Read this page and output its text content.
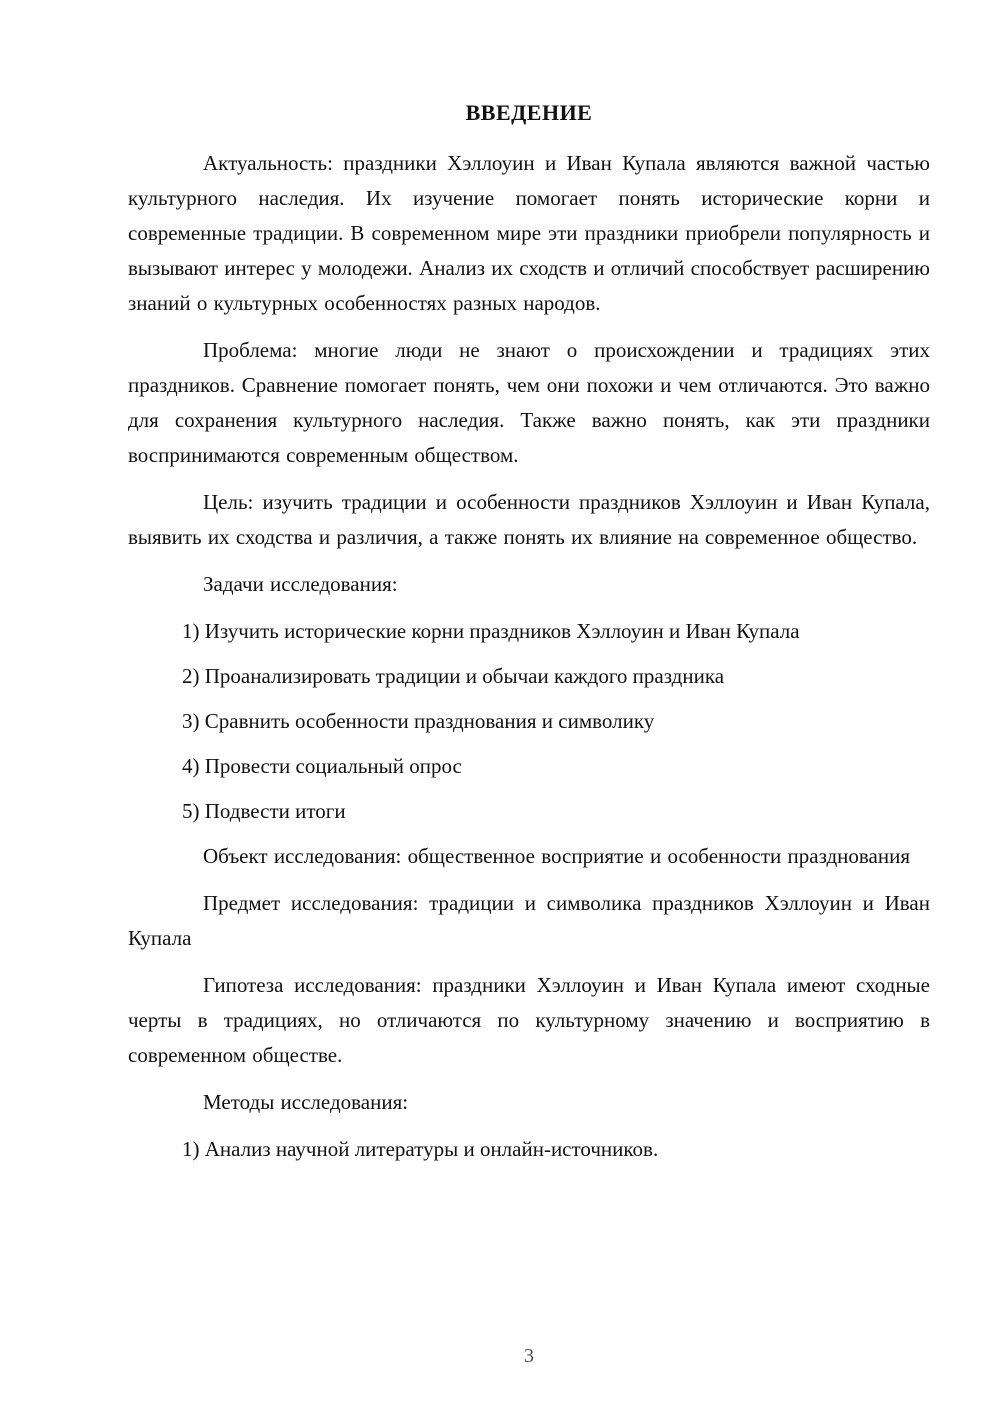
ВВЕДЕНИЕ

Актуальность: праздники Хэллоуин и Иван Купала являются важной частью культурного наследия. Их изучение помогает понять исторические корни и современные традиции. В современном мире эти праздники приобрели популярность и вызывают интерес у молодежи. Анализ их сходств и отличий способствует расширению знаний о культурных особенностях разных народов.

Проблема: многие люди не знают о происхождении и традициях этих праздников. Сравнение помогает понять, чем они похожи и чем отличаются. Это важно для сохранения культурного наследия. Также важно понять, как эти праздники воспринимаются современным обществом.

Цель: изучить традиции и особенности праздников Хэллоуин и Иван Купала, выявить их сходства и различия, а также понять их влияние на современное общество.

Задачи исследования:

1) Изучить исторические корни праздников Хэллоуин и Иван Купала
2) Проанализировать традиции и обычаи каждого праздника
3) Сравнить особенности празднования и символику
4) Провести социальный опрос
5) Подвести итоги

Объект исследования: общественное восприятие и особенности празднования

Предмет исследования: традиции и символика праздников Хэллоуин и Иван Купала

Гипотеза исследования: праздники Хэллоуин и Иван Купала имеют сходные черты в традициях, но отличаются по культурному значению и восприятию в современном обществе.

Методы исследования:

1) Анализ научной литературы и онлайн-источников.
3
